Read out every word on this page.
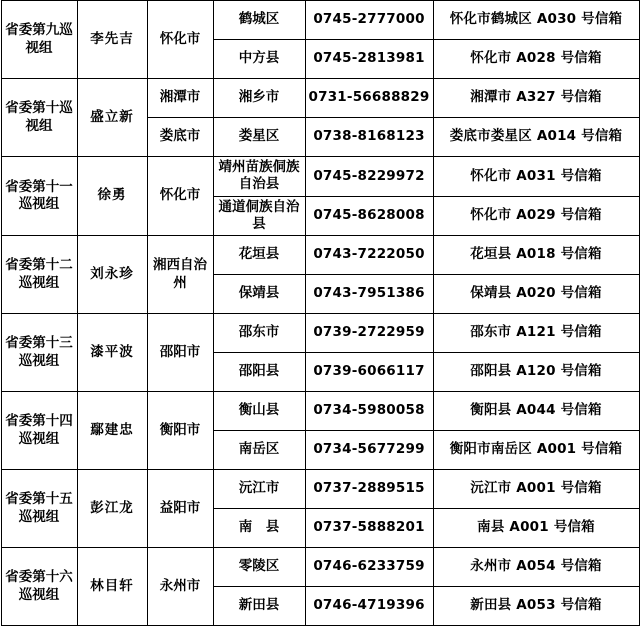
省委第九巡视组	李先吉	怀化市	鹤城区	0745-2777000	怀化市鹤城区 A030 号信箱
			中方县	0745-2813981	怀化市 A028 号信箱
省委第十巡视组	盛立新	湘潭市	湘乡市	0731-56688829	湘潭市 A327 号信箱
		娄底市	娄星区	0738-8168123	娄底市娄星区 A014 号信箱
省委第十一巡视组	徐勇	怀化市	靖州苗族侗族自治县	0745-8229972	怀化市 A031 号信箱
			通道侗族自治县	0745-8628008	怀化市 A029 号信箱
省委第十二巡视组	刘永珍	湘西自治州	花垣县	0743-7222050	花垣县 A018 号信箱
			保靖县	0743-7951386	保靖县 A020 号信箱
省委第十三巡视组	漆平波	邵阳市	邵东市	0739-2722959	邵东市 A121 号信箱
			邵阳县	0739-6066117	邵阳县 A120 号信箱
省委第十四巡视组	鄢建忠	衡阳市	衡山县	0734-5980058	衡阳县 A044 号信箱
			南岳区	0734-5677299	衡阳市南岳区 A001 号信箱
省委第十五巡视组	彭江龙	益阳市	沅江市	0737-2889515	沅江市 A001 号信箱
			南　县	0737-5888201	南县 A001 号信箱
省委第十六巡视组	林目轩	永州市	零陵区	0746-6233759	永州市 A054 号信箱
			新田县	0746-4719396	新田县 A053 号信箱
